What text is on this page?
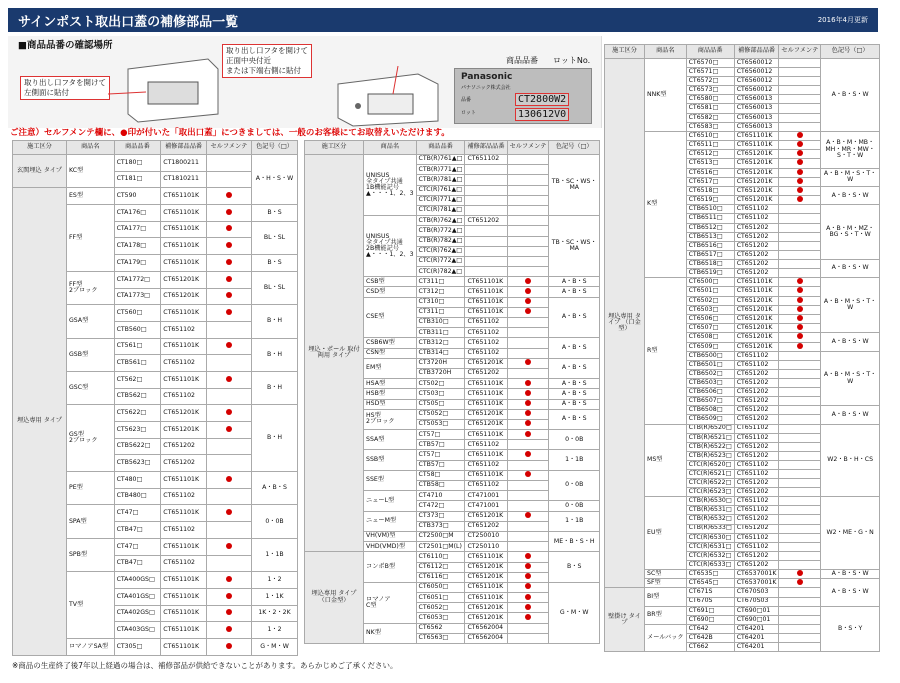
サインポスト取出口蓋の補修部品一覧	2016年4月更新
■商品品番の確認場所
取り出し口フタを開けて
左側面に貼付
取り出し口フタを開けて
正面中央付近
または下端右側に貼付
商品品番 ロットNo.
Panasonic
パナソニック株式会社
品番
ロット
CT2800W2
130612V0
ご注意）セルフメンテ欄に、●印が付いた「取出口蓋」につきましては、一般のお客様にてお取替えいただけます。
施工区分	商品名	商品品番	補修部品品番	セルフメンテ	色記号（□）
玄関埋込 タイプ	KC型	CT180□	CT1800211		A・H・S・W
		CT181□	CT1810211		
埋込専用 タイプ	ES型	CT590	CT651101K		
	FF型	CTA176□	CT651101K		B・S
		CTA177□	CT651101K		BL・SL
		CTA178□	CT651101K		
		CTA179□	CT651101K		B・S
	FF型
2ブロック	CTA1772□	CT651201K		BL・SL
		CTA1773□	CT651201K		
	GSA型	CT560□	CT651101K		B・H
		CTB560□	CT651102		
	GSB型	CT561□	CT651101K		B・H
		CTB561□	CT651102		
	GSC型	CT562□	CT651101K		B・H
		CTB562□	CT651102		
	GS型
2ブロック	CT5622□	CT651201K		B・H
		CT5623□	CT651201K		
		CTB5622□	CT651202		
		CTB5623□	CT651202		
	PE型	CT480□	CT651101K		A・B・S
		CTB480□	CT651102		
	SPA型	CT47□	CT651101K		0・0B
		CTB47□	CT651102		
	SPB型	CT47□	CT651101K		1・1B
		CTB47□	CT651102		
	TV型	CTA400GS□	CT651101K		1・2
		CTA401GS□	CT651101K		1・1K
		CTA402GS□	CT651101K		1K・2・2K
		CTA403GS□	CT651101K		1・2
	ロマノアSA型	CT305□	CT651101K		G・M・W
施工区分	商品名	商品品番	補修部品品番	セルフメンテ	色記号（□）
埋込・ポール 取付両用 タイプ	UNISUS
全タイプ共通
1B機能記号
▲・・・1、2、3	CTB(R)761▲□	CT651102		TB・SC・WS・MA
		CTB(R)771▲□			
		CTB(R)781▲□			
		CTC(R)761▲□			
		CTC(R)771▲□			
		CTC(R)781▲□			
	UNISUS
全タイプ共通
2B機能記号
▲・・・1、2、3	CTB(R)762▲□	CT651202		TB・SC・WS・MA
		CTB(R)772▲□			
		CTB(R)782▲□			
		CTC(R)762▲□			
		CTC(R)772▲□			
		CTC(R)782▲□			
	CSB型	CT311□	CT651101K		A・B・S
	CSD型	CT312□	CT651101K		A・B・S
	CSE型	CT310□	CT651101K		A・B・S
		CT311□	CT651101K		
		CTB310□	CT651102		
		CTB311□	CT651102		
	CSB6W型	CTB312□	CT651102		A・B・S
	CSN型	CTB314□	CT651102		
	EM型	CT3720H	CT651201K		A・B・S
		CTB3720H	CT651202		
	HSA型	CT502□	CT651101K		A・B・S
	HSB型	CT503□	CT651101K		A・B・S
	HSD型	CT505□	CT651101K		A・B・S
	HS型
2ブロック	CT5052□	CT651201K		A・B・S
		CT5053□	CT651201K		
	SSA型	CT57□	CT651101K		0・0B
		CTB57□	CT651102		
	SSB型	CT57□	CT651101K		1・1B
		CTB57□	CT651102		
	SSE型	CT58□	CT651101K		0・0B
		CTB58□	CT651102		
	ニューL型	CT4710	CT471001		
		CT472□	CT471001		0・0B
	ニューM型	CT373□	CT651201K		1・1B
		CTB373□	CT651202		
	VH(VM)型	CT2500□M	CT250010		ME・B・S・H
	VHD(VMD)型	CT2501□M(L)	CT250110		
埋込専用 タイプ （口金型）	コンポB型	CT6110□	CT651101K		B・S
		CT6112□	CT651201K		
		CT6116□	CT651201K		
	ロマノア
C型	CT6050□	CT651101K		G・M・W
		CT6051□	CT651101K		
		CT6052□	CT651201K		
		CT6053□	CT651201K		
	NK型	CT6562	CT6562004		
		CT6563□	CT6562004		
施工区分	商品名	商品品番	補修部品品番	セルフメンテ	色記号（□）
埋込専用 タイプ （口金型）	NNK型	CT6570□	CT6560012		A・B・S・W
		CT6571□	CT6560012		
		CT6572□	CT6560012		
		CT6573□	CT6560012		
		CT6580□	CT6560013		
		CT6581□	CT6560013		
		CT6582□	CT6560013		
		CT6583□	CT6560013		
	K型	CT6510□	CT651101K		A・B・M・MB・MH・MR・MW・S・T・W
		CT6511□	CT651101K		
		CT6512□	CT651201K		
		CT6513□	CT651201K		
		CT6516□	CT651201K		A・B・M・S・T・W
		CT6517□	CT651201K		
		CT6518□	CT651201K		A・B・S・W
		CT6519□	CT651201K		
		CTB6510□	CT651102		A・B・M・MZ・BG・S・T・W
		CTB6511□	CT651102		
		CTB6512□	CT651202		
		CTB6513□	CT651202		
		CTB6516□	CT651202		
		CTB6517□	CT651202		
		CTB6518□	CT651202		A・B・S・W
		CTB6519□	CT651202		
	R型	CT6500□	CT651101K		A・B・M・S・T・W
		CT6501□	CT651101K		
		CT6502□	CT651201K		
		CT6503□	CT651201K		
		CT6506□	CT651201K		
		CT6507□	CT651201K		
		CT6508□	CT651201K		A・B・S・W
		CT6509□	CT651201K		
		CTB6500□	CT651102		A・B・M・S・T・W
		CTB6501□	CT651102		
		CTB6502□	CT651202		
		CTB6503□	CT651202		
		CTB6506□	CT651202		
		CTB6507□	CT651202		
		CTB6508□	CT651202		A・B・S・W
		CTB6509□	CT651202		
	MS型	CTB(R)6520□	CT651102		W2・B・H・CS
		CTB(R)6521□	CT651102		
		CTB(R)6522□	CT651202		
		CTB(R)6523□	CT651202		
		CTC(R)6520□	CT651102		
		CTC(R)6521□	CT651102		
		CTC(R)6522□	CT651202		
		CTC(R)6523□	CT651202		
	EU型	CTB(R)6530□	CT651102		W2・ME・G・N
		CTB(R)6531□	CT651102		
		CTB(R)6532□	CT651202		
		CTB(R)6533□	CT651202		
		CTC(R)6530□	CT651102		
		CTC(R)6531□	CT651102		
		CTC(R)6532□	CT651202		
		CTC(R)6533□	CT651202		
	SC型	CT6535□	CT6537001K		A・B・S・W
	SF型	CT6545□	CT6537001K		A・B・S・W
壁掛け タイプ	BI型	CT671S	CT670S03		
		CT670S	CT670S03		
	BR型	CT691□	CT690□01		B・S・Y
		CT690□	CT690□01		
	メールバック	CT642	CT64201		
		CT642B	CT64201		
		CT662	CT64201		
※商品の生産終了後7年以上経過の場合は、補修部品が供給できないことがあります。あらかじめご了承ください。
